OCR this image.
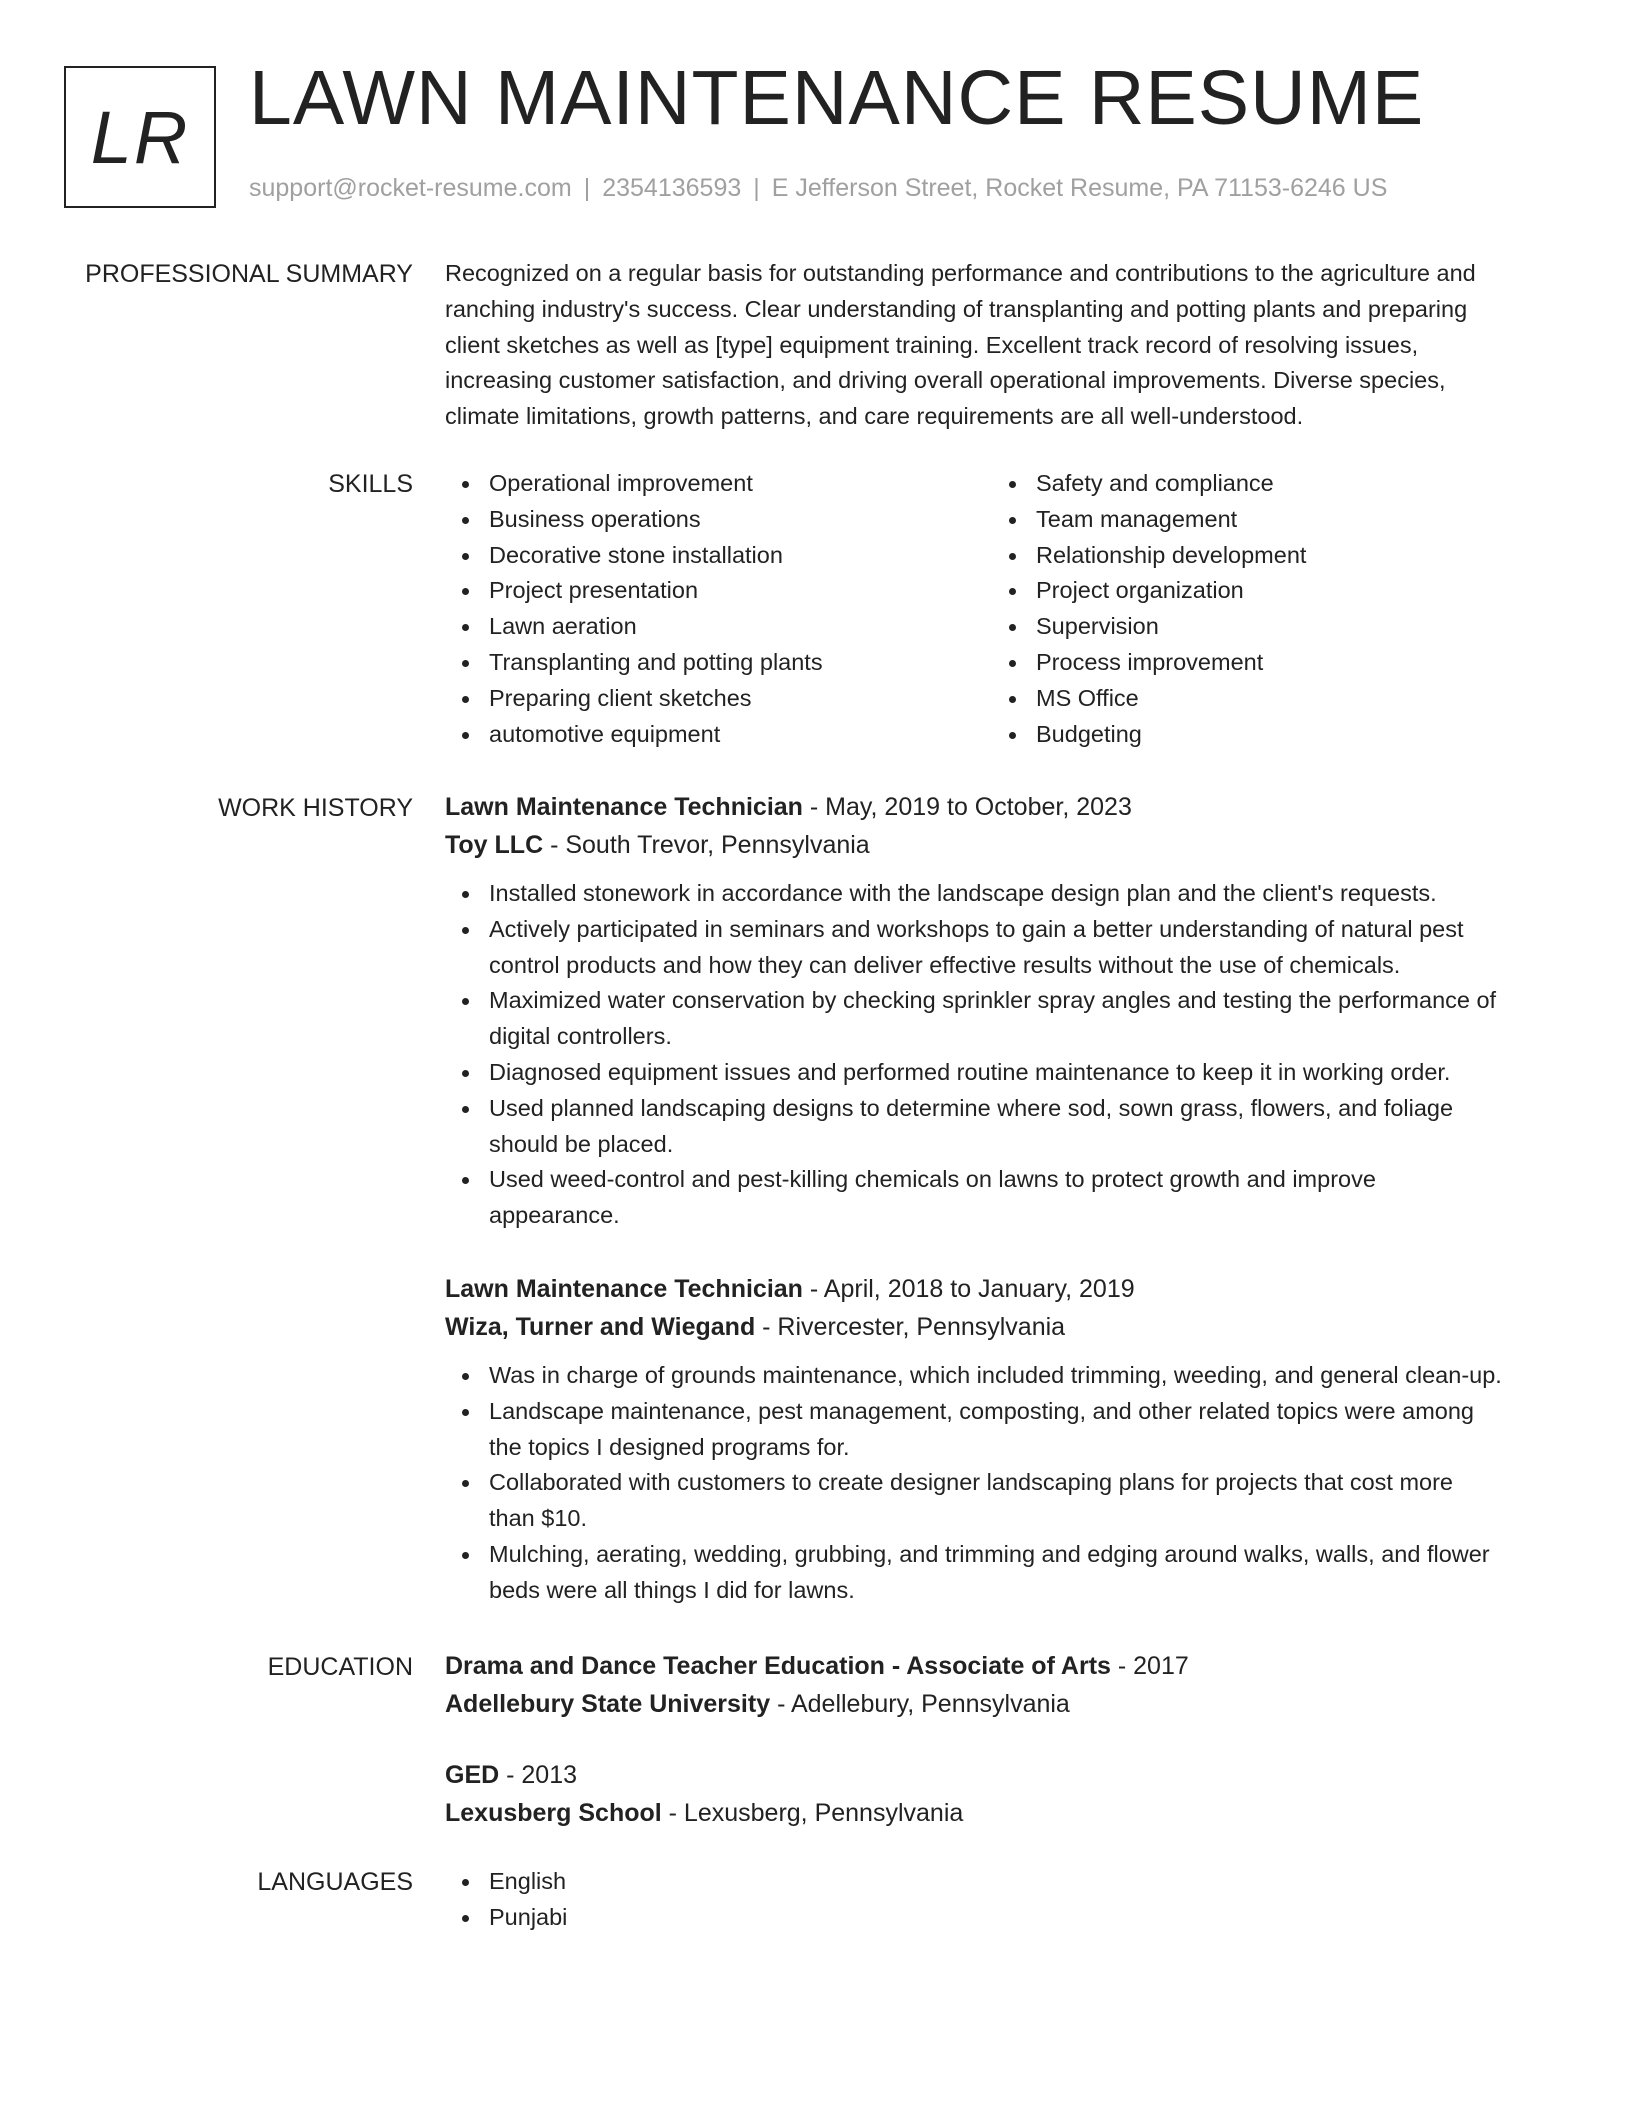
LR LAWN MAINTENANCE RESUME
support@rocket-resume.com | 2354136593 | E Jefferson Street, Rocket Resume, PA 71153-6246 US
PROFESSIONAL SUMMARY Recognized on a regular basis for outstanding performance and contributions to the agriculture and
ranching industry's success. Clear understanding of transplanting and potting plants and preparing
client sketches as well as [type] equipment training. Excellent track record of resolving issues,
increasing customer satisfaction, and driving overall operational improvements. Diverse species,
climate limitations, growth patterns, and care requirements are all well-understood.
SKILLS	Operational improvement
Business operations
Decorative stone installation
Project presentation
Lawn aeration
Transplanting and potting plants
Preparing client sketches
automotive equipment
Safety and compliance
Team management
Relationship development
Project organization
Supervision
Process improvement
MS Office
Budgeting
WORK HISTORY Lawn Maintenance Technician - May, 2019 to October, 2023
Toy LLC - South Trevor, Pennsylvania
Installed stonework in accordance with the landscape design plan and the client's requests.
Actively participated in seminars and workshops to gain a better understanding of natural pest
control products and how they can deliver effective results without the use of chemicals.
Maximized water conservation by checking sprinkler spray angles and testing the performance of
digital controllers.
Diagnosed equipment issues and performed routine maintenance to keep it in working order.
Used planned landscaping designs to determine where sod, sown grass, flowers, and foliage
should be placed.
Used weed-control and pest-killing chemicals on lawns to protect growth and improve
appearance.
Lawn Maintenance Technician - April, 2018 to January, 2019
Wiza, Turner and Wiegand - Rivercester, Pennsylvania
Was in charge of grounds maintenance, which included trimming, weeding, and general clean-up.
Landscape maintenance, pest management, composting, and other related topics were among
the topics I designed programs for.
Collaborated with customers to create designer landscaping plans for projects that cost more
than $10.
Mulching, aerating, wedding, grubbing, and trimming and edging around walks, walls, and flower
beds were all things I did for lawns.
EDUCATION Drama and Dance Teacher Education - Associate of Arts - 2017
Adellebury State University - Adellebury, Pennsylvania
GED - 2013
Lexusberg School - Lexusberg, Pennsylvania
LANGUAGES	English
Punjabi
